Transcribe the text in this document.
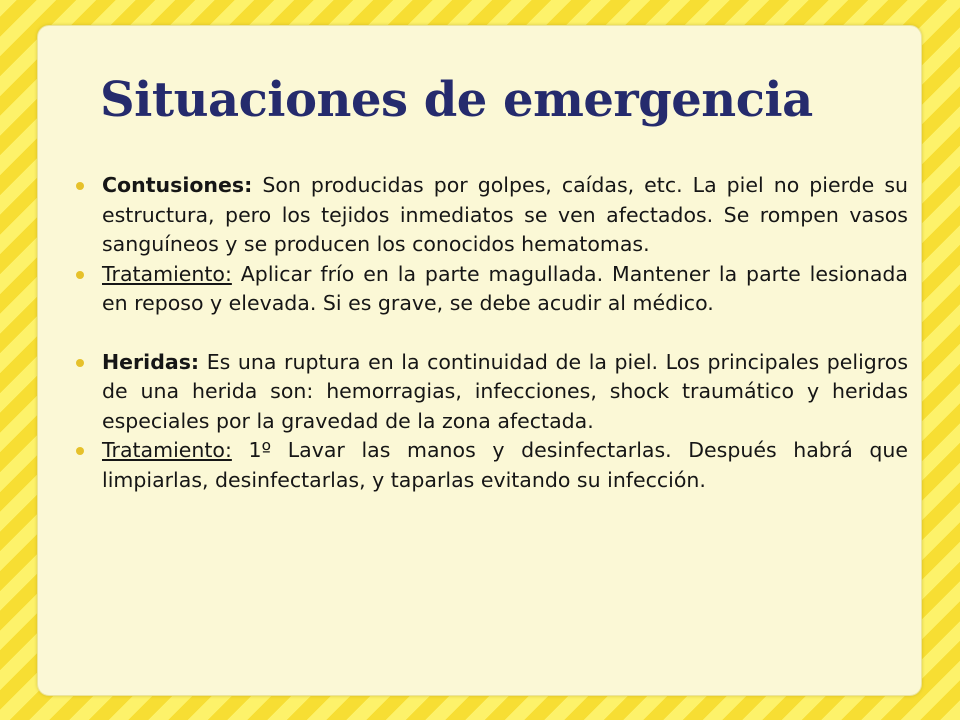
Situaciones de emergencia
Contusiones: Son producidas por golpes, caídas, etc. La piel no pierde su estructura, pero los tejidos inmediatos se ven afectados. Se rompen vasos sanguíneos y se producen los conocidos hematomas.
Tratamiento: Aplicar frío en la parte magullada. Mantener la parte lesionada en reposo y elevada. Si es grave, se debe acudir al médico.
Heridas: Es una ruptura en la continuidad de la piel. Los principales peligros de una herida son: hemorragias, infecciones, shock traumático y heridas especiales por la gravedad de la zona afectada.
Tratamiento: 1º Lavar las manos y desinfectarlas. Después habrá que limpiarlas, desinfectarlas, y taparlas evitando su infección.
